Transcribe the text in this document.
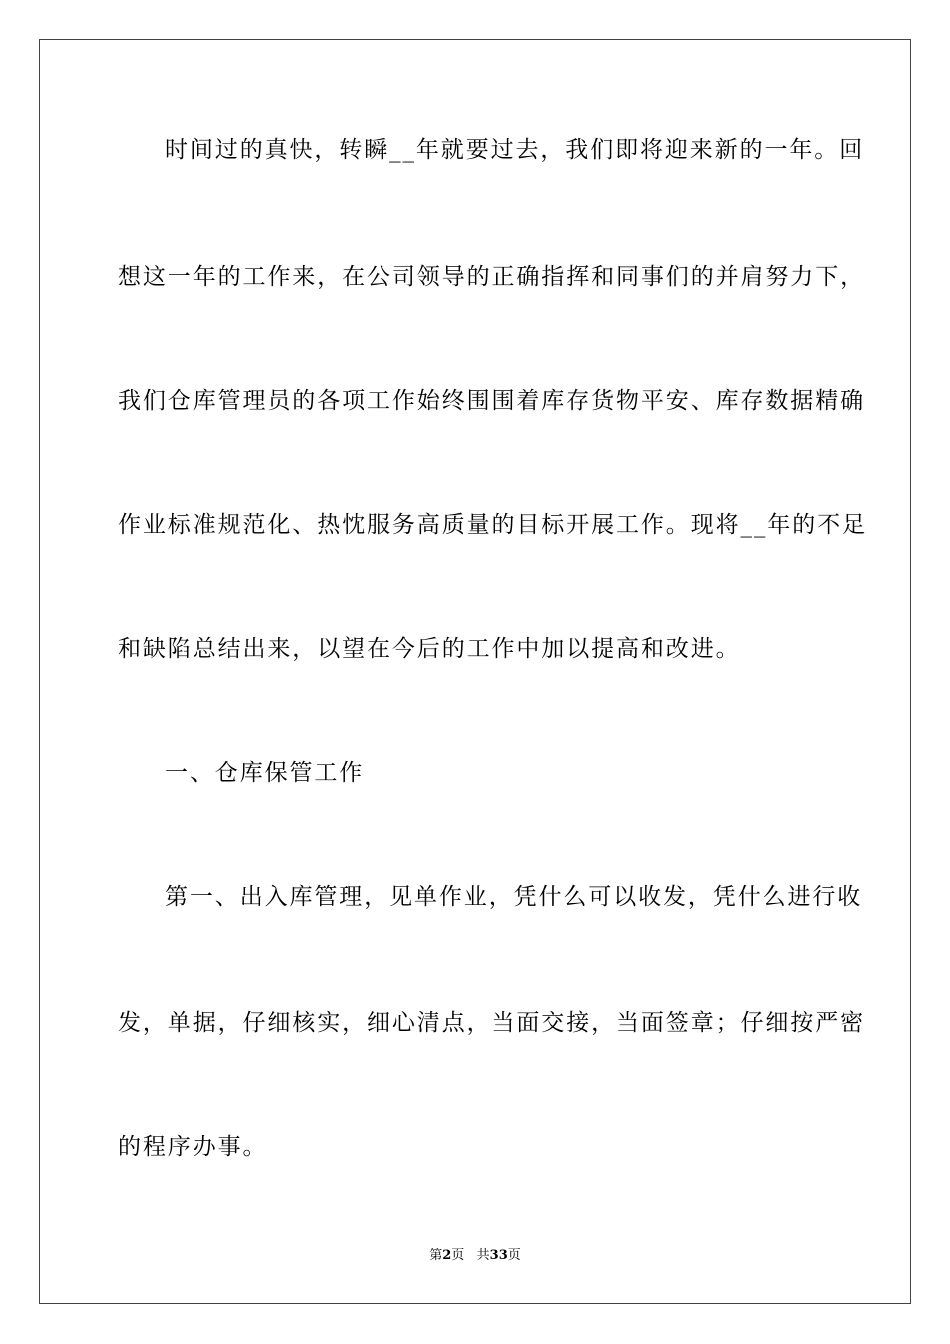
时间过的真快，转瞬__年就要过去，我们即将迎来新的一年。回

想这一年的工作来，在公司领导的正确指挥和同事们的并肩努力下，

我们仓库管理员的各项工作始终围围着库存货物平安、库存数据精确

作业标准规范化、热忱服务高质量的目标开展工作。现将__年的不足

和缺陷总结出来，以望在今后的工作中加以提高和改进。

一、仓库保管工作

第一、出入库管理，见单作业，凭什么可以收发，凭什么进行收

发，单据，仔细核实，细心清点，当面交接，当面签章；仔细按严密

的程序办事。

第2页   共33页
